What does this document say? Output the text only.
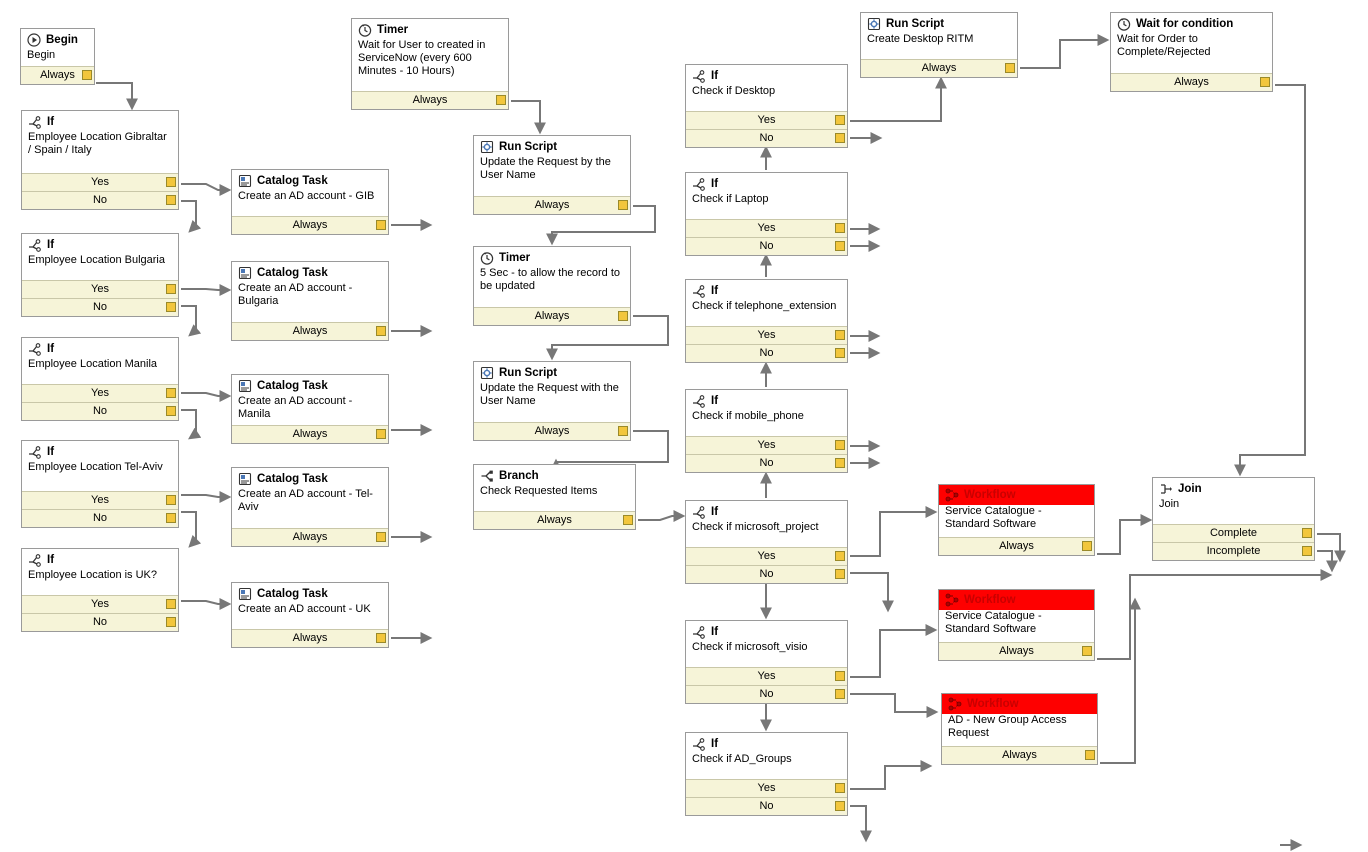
Begin
Begin
Always
If
Employee Location Gibraltar / Spain / Italy
Yes
No
If
Employee Location Bulgaria
Yes
No
If
Employee Location Manila
Yes
No
If
Employee Location Tel-Aviv
Yes
No
If
Employee Location is UK?
Yes
No
Catalog Task
Create an AD account - GIB
Always
Catalog Task
Create an AD account - Bulgaria
Always
Catalog Task
Create an AD account - Manila
Always
Catalog Task
Create an AD account - Tel-Aviv
Always
Catalog Task
Create an AD account - UK
Always
Timer
Wait for User to created in ServiceNow (every 600 Minutes - 10 Hours)
Always
Run Script
Update the Request by the User Name
Always
Timer
5 Sec - to allow the record to be updated
Always
Run Script
Update the Request with the User Name
Always
Branch
Check Requested Items
Always
If
Check if Desktop
Yes
No
If
Check if Laptop
Yes
No
If
Check if telephone_extension
Yes
No
If
Check if mobile_phone
Yes
No
If
Check if microsoft_project
Yes
No
If
Check if microsoft_visio
Yes
No
If
Check if AD_Groups
Yes
No
Run Script
Create Desktop RITM
Always
Workflow
Service Catalogue - Standard Software
Always
Workflow
Service Catalogue - Standard Software
Always
Workflow
AD - New Group Access Request
Always
Wait for condition
Wait for Order to Complete/Rejected
Always
Join
Join
Complete
Incomplete
